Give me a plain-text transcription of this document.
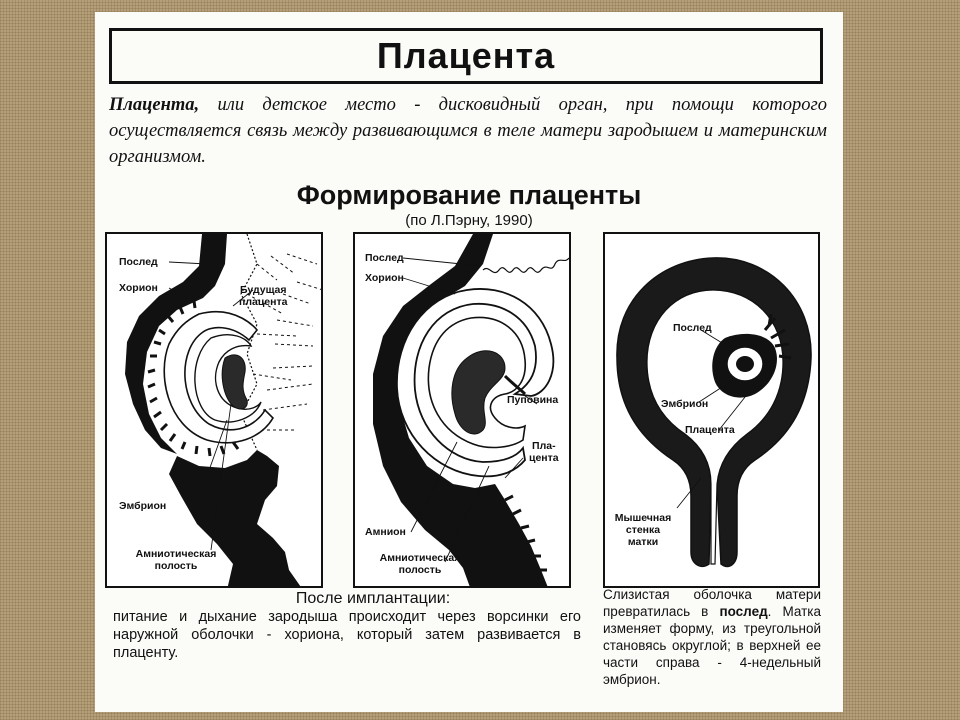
Плацента
Плацента, или детское место - дисковидный орган, при помощи которого осуществляется связь между развивающимся в теле матери зародышем и материнским организмом.
Формирование плаценты
(по Л.Пэрну, 1990)
Послед
Хорион	Будущая
плацента
Эмбрион
Амниотическая
полость
Послед
Хорион
Пуповина
Пла-
цента
Амнион
Амниотическая
полость
Послед
Эмбрион
Плацента
Мышечная
стенка
матки
После имплантации:
питание и дыхание зародыша происходит через ворсинки его наружной оболочки - хориона, который затем развивается в плаценту.
Слизистая оболочка матери превратилась в послед. Матка изменяет форму, из треугольной становясь округлой; в верхней ее части справа - 4-недельный эмбрион.
